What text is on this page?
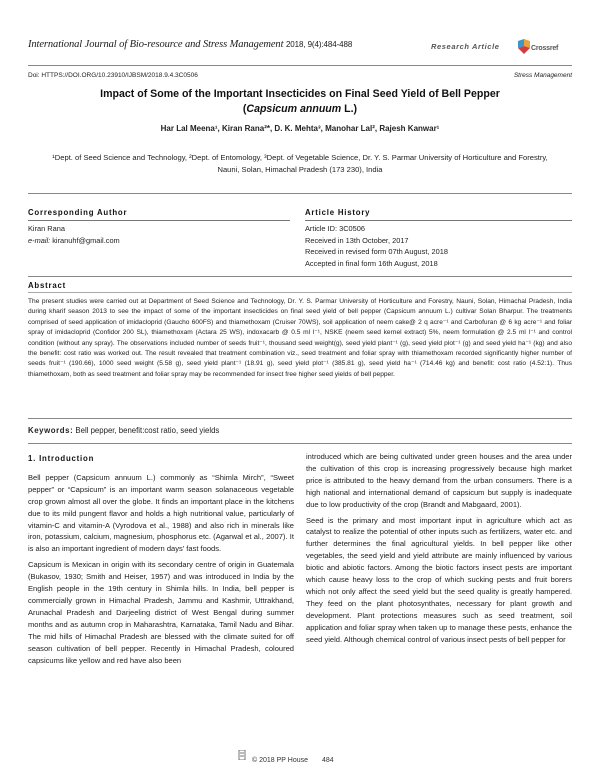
International Journal of Bio-resource and Stress Management 2018, 9(4):484-488	Research Article	Crossref
Doi: HTTPS://DOI.ORG/10.23910/IJBSM/2018.9.4.3C0506	Stress Management
Impact of Some of the Important Insecticides on Final Seed Yield of Bell Pepper
(Capsicum annuum L.)
Har Lal Meena¹, Kiran Rana²*, D. K. Mehta³, Manohar Lal², Rajesh Kanwar¹
¹Dept. of Seed Science and Technology, ²Dept. of Entomology, ³Dept. of Vegetable Science, Dr. Y. S. Parmar University of Horticulture and Forestry, Nauni, Solan, Himachal Pradesh (173 230), India
Corresponding Author
Kiran Rana
e-mail: kiranuhf@gmail.com
Article History
Article ID: 3C0506
Received in 13th October, 2017
Received in revised form 07th August, 2018
Accepted in final form 16th August, 2018
Abstract
The present studies were carried out at Department of Seed Science and Technology, Dr. Y. S. Parmar University of Horticulture and Forestry, Nauni, Solan, Himachal Pradesh, India during kharif season 2013 to see the impact of some of the important insecticides on final seed yield of bell pepper (Capsicum annuum L.) cultivar Solan Bharpur. The treatments comprised of seed application of imidacloprid (Gaucho 600FS) and thiamethoxam (Cruiser 70WS), soil application of neem cake@ 2 q acre⁻¹ and Carbofuran @ 6 kg acre⁻¹ and foliar spray of imidacloprid (Confidor 200 SL), thiamethoxam (Actara 25 WS), indoxacarb @ 0.5 ml l⁻¹, NSKE (neem seed kernel extract) 5%, neem formulation @ 2.5 ml l⁻¹ and control condition (without any spray). The observations included number of seeds fruit⁻¹, thousand seed weight(g), seed yield plant⁻¹ (g), seed yield plot⁻¹ (g) and seed yield ha⁻¹ (kg) and also the benefit: cost ratio was worked out. The result revealed that treatment combination viz., seed treatment and foliar spray with thiamethoxam recorded significantly higher number of seeds fruit⁻¹ (190.66), 1000 seed weight (5.58 g), seed yield plant⁻¹ (18.91 g), seed yield plot⁻¹ (385.81 g), seed yield ha⁻¹ (714.46 kg) and benefit: cost ratio (4.52:1). Thus thiamethoxam, both as seed treatment and foliar spray may be recommended for insect free higher seed yields of bell pepper.
Keywords: Bell pepper, benefit:cost ratio, seed yields
1. Introduction

Bell pepper (Capsicum annuum L.) commonly as “Shimla Mirch”, “Sweet pepper” or “Capsicum” is an important warm season solanaceous vegetable crop grown almost all over the globe. It finds an important place in the kitchens due to its mild pungent flavor and holds a high nutritional value, particularly of vitamin-C and vitamin-A (Vyrodova et al., 1988) and also rich in minerals like iron, potassium, calcium, magnesium, phosphorus etc. (Agarwal et al., 2007). It is also an important ingredient of modern days’ fast foods.

Capsicum is Mexican in origin with its secondary centre of origin in Guatemala (Bukasov, 1930; Smith and Heiser, 1957) and was introduced in India by the English people in the 19th century in Shimla hills. In India, bell pepper is commercially grown in Himachal Pradesh, Jammu and Kashmir, Uttrakhand, Arunachal Pradesh and Darjeeling district of West Bengal during summer months and as autumn crop in Maharashtra, Karnataka, Tamil Nadu and Bihar. The mid hills of Himachal Pradesh are blessed with the climate suited for off season cultivation of bell pepper. Recently in Himachal Pradesh, coloured capsicums like yellow and red have also been

introduced which are being cultivated under green houses and the area under the cultivation of this crop is increasing progressively because high market price is attributed to the heavy demand from the urban consumers. There is a high national and international demand of capsicum but supply is inadequate due to low productivity of the crop (Brandt and Mabgaard, 2001).

Seed is the primary and most important input in agriculture which act as catalyst to realize the potential of other inputs such as fertilizers, water etc. and further determines the final agricultural yields. In bell pepper like other vegetables, the seed yield and yield attribute are mainly influenced by various biotic and abiotic factors. Among the biotic factors insect pests are important which cause heavy loss to the crop of which sucking pests and fruit borers which not only affect the seed yield but the seed quality is greatly hampered. They feed on the plant photosynthates, necessary for plant growth and development. Plant protections measures such as seed treatment, soil application and foliar spray when taken up to manage these pests, enhance the seed yield. Although chemical control of various insect pests of bell pepper for

© 2018 PP House 484
